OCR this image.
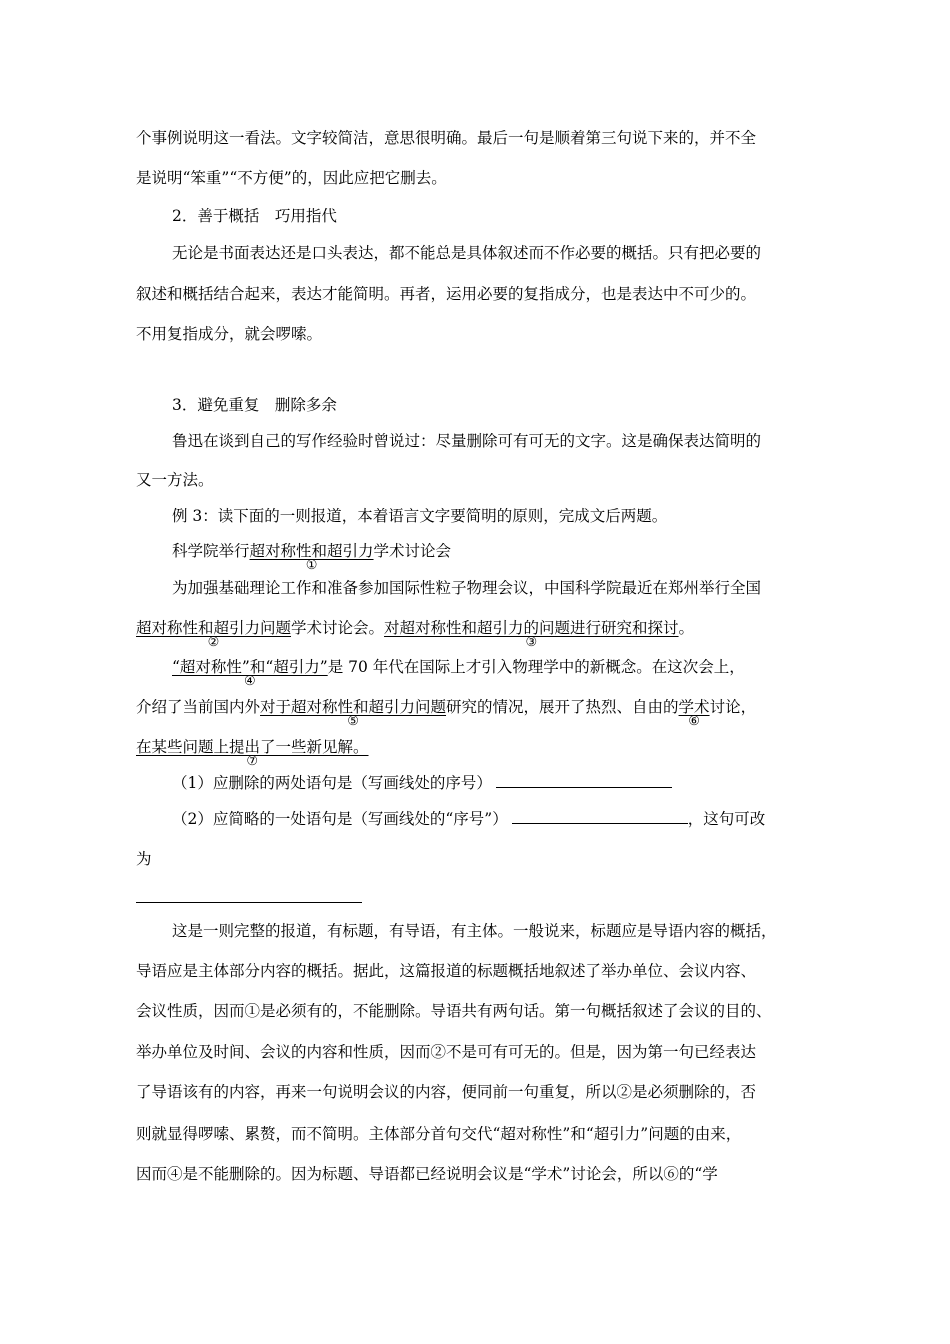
个事例说明这一看法。文字较简洁，意思很明确。最后一句是顺着第三句说下来的，并不全
是说明“笨重”“不方便”的，因此应把它删去。
2．善于概括　巧用指代
无论是书面表达还是口头表达，都不能总是具体叙述而不作必要的概括。只有把必要的
叙述和概括结合起来，表达才能简明。再者，运用必要的复指成分，也是表达中不可少的。
不用复指成分，就会啰嗦。
3．避免重复　删除多余
鲁迅在谈到自己的写作经验时曾说过：尽量删除可有可无的文字。这是确保表达简明的
又一方法。
例 3：读下面的一则报道，本着语言文字要简明的原则，完成文后两题。
科学院举行超对称性和超引力
①
学术讨论会
为加强基础理论工作和准备参加国际性粒子物理会议，中国科学院最近在郑州举行全国
超对称性和超引力问题
②
学术讨论会。对超对称性和超引力的问题进行研究和探讨
③
。
“超对称性”和“超引力”
④
是 70 年代在国际上才引入物理学中的新概念。在这次会上，
介绍了当前国内外对于超对称性和超引力问题
⑤
研究的情况，展开了热烈、自由的学术
⑥
讨论，
在某些问题上提出了一些新见解。
⑦
（1）应删除的两处语句是（写画线处的序号）
（2）应简略的一处语句是（写画线处的“序号”）	，这句可改
为
这是一则完整的报道，有标题，有导语，有主体。一般说来，标题应是导语内容的概括，
导语应是主体部分内容的概括。据此，这篇报道的标题概括地叙述了举办单位、会议内容、
会议性质，因而①是必须有的，不能删除。导语共有两句话。第一句概括叙述了会议的目的、
举办单位及时间、会议的内容和性质，因而②不是可有可无的。但是，因为第一句已经表达
了导语该有的内容，再来一句说明会议的内容，便同前一句重复，所以②是必须删除的，否
则就显得啰嗦、累赘，而不简明。主体部分首句交代“超对称性”和“超引力”问题的由来，
因而④是不能删除的。因为标题、导语都已经说明会议是“学术”讨论会，所以⑥的“学
